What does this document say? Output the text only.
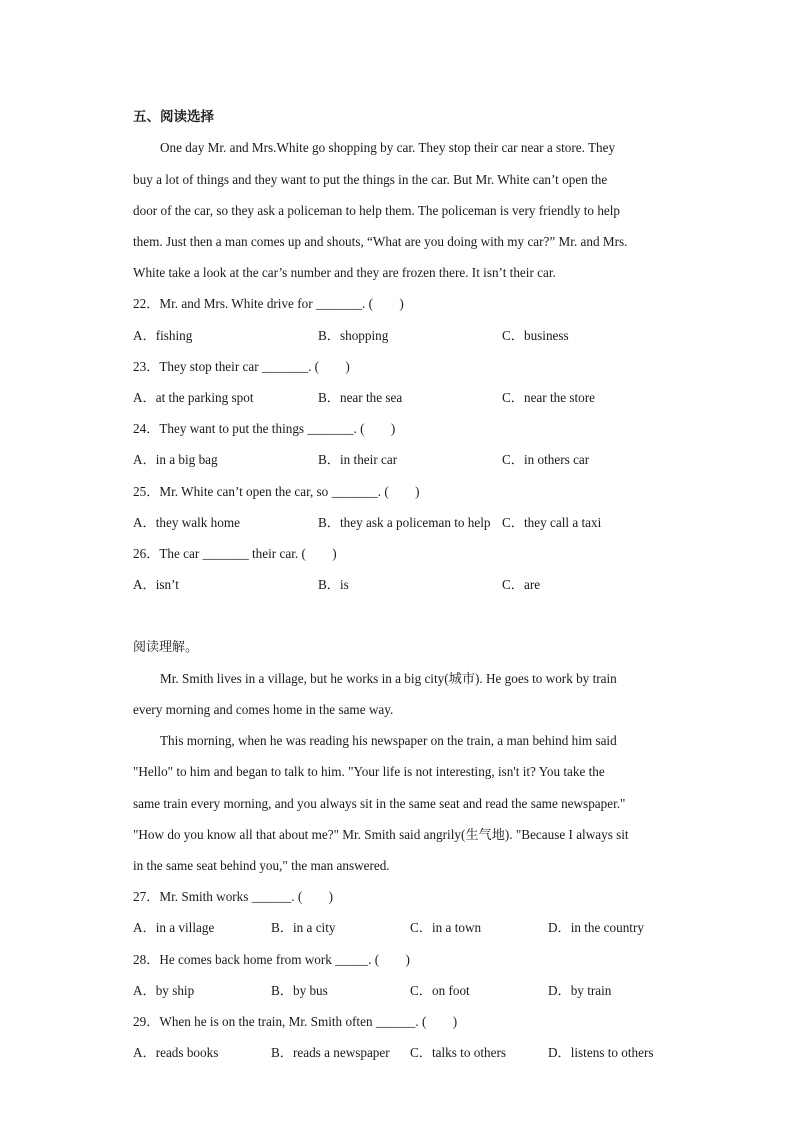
五、阅读选择
One day Mr. and Mrs.White go shopping by car. They stop their car near a store. They
buy a lot of things and they want to put the things in the car. But Mr. White can’t open the
door of the car, so they ask a policeman to help them. The policeman is very friendly to help
them. Just then a man comes up and shouts, “What are you doing with my car?” Mr. and Mrs.
White take a look at the car’s number and they are frozen there. It isn’t their car.
22．Mr. and Mrs. White drive for _______. (　　)
A．fishing	B．shopping	C．business
23．They stop their car _______. (　　)
A．at the parking spot	B．near the sea	C．near the store
24．They want to put the things _______. (　　)
A．in a big bag	B．in their car	C．in others car
25．Mr. White can’t open the car, so _______. (　　)
A．they walk home	B．they ask a policeman to help C．they call a taxi
26．The car _______ their car. (　　)
A．isn’t	B．is	C．are
阅读理解。
Mr. Smith lives in a village, but he works in a big city(城市). He goes to work by train
every morning and comes home in the same way.
This morning, when he was reading his newspaper on the train, a man behind him said
"Hello" to him and began to talk to him. "Your life is not interesting, isn't it? You take the
same train every morning, and you always sit in the same seat and read the same newspaper."
"How do you know all that about me?" Mr. Smith said angrily(生气地). "Because I always sit
in the same seat behind you," the man answered.
27．Mr. Smith works ______. (　　)
A．in a village	B．in a city	C．in a town	D．in the country
28．He comes back home from work _____. (　　)
A．by ship	B．by bus	C．on foot	D．by train
29．When he is on the train, Mr. Smith often ______. (　　)
A．reads books	B．reads a newspaper C．talks to others	D．listens to others
